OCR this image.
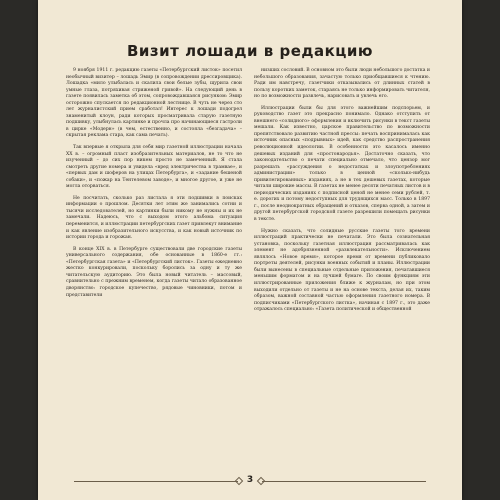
Визит лошади в редакцию

9 ноября 1911 г. редакцию газеты «Петербургский листок» посетил необычный визитер – лошадь Эмир (в сопровождении дрессировщика). Лошадка «мило улыбалась и скалила свои белые зубы, щурила свои умные глаза, потряхивая стриженой гривой». На следующий день в газете появилась заметка об этом, сопровождавшаяся рисунком: Эмир осторожно спускается по редакционной лестнице. В чуть не через сто лет журналистский прием сработал! Интерес к лошади подогрел знаменитый клоун, ради которых просматривала старую газетную подшивку, улыбнулась картинке и прочла про начинающиеся гастроли в цирке «Модерн» (в чем, естественно, и состояла «безгадача» – скрытая реклама стара, как сама печать).

Так впервые я открыла для себя мир газетной иллюстрации начала XX в. – огромный пласт изобразительных материалов, не то что не изученный – до сих пор никем просто не замеченный. Я стала смотреть другие номера и увидела «вред электричества в трамвае», и «первых дам и шоферов на улицах Петербурга», и «задание бешеной собаки», и «пожар на Тентелевом заводе», и многое другое, и уже не могла оторваться.

Не посчитать, сколько раз листала я эти подшивки в поисках информации о прошлом. Десятки лет этим же занимались сотни и тысячи исследователей, но картинки были никому не нужны и их не замечали. Надеюсь, что с выходом этого альбома ситуация переменится, и иллюстрации петербургских газет привлекут внимание и как явление изобразительного искусства, и как новый источник по истории города и горожан.

В конце XIX в. в Петербурге существовали две городские газеты универсального содержания, обе основанные в 1860-е гг.: «Петербургская газета» и «Петербургский листок». Газеты ежедневно жестко конкурировали, поскольку боролись за одну и ту же читательскую аудиторию. Это была новый читатель – массовый, сравнительно с прежним временем, когда газеты читало образованное дворянство: городское купечество, рядовые чиновники, потом и представители

низших сословий. В основном это были люди небольшого достатка и небольшого образования, зачастую только приобщавшиеся к чтению. Ради им навстречу, газетчики отказывались от длинных статей в пользу коротких заметок, стараясь не только информировать читателя, но по возможности развлечь, нарисовать и увлечь его.

Иллюстрации были бы для этого важнейшим подспорьем, и руководство газет это прекрасно понимало. Однако отступить от внешнего «солидного» оформления и включить рисунки в текст газеты мешали. Как известно, царское правительство по возможности препятствовало развитию частной прессы: печать воспринималась как источник опасных «подрывных» идей, как средство распространения революционной идеологии. В особенности это касалось именно дешевых изданий для «простонародья». Достаточно сказать, что законодательство о печати специально отмечало, что цензор мог разрешать «рассуждения о недостатках и злоупотреблениях администрации» только в ценной «сколько-нибудь привилегированных» изданиях, а не в тех дешевых газетах, которые читали широкие массы. В газетах не менее десяти печатных листов и в периодических изданиях с подписной ценой не менее семи рублей, т. е. дорогих и потому недоступных для трудящихся масс. Только в 1897 г., после неоднократных обращений и отказов, сперва одной, а затем и другой петербургской городской газете разрешили помещать рисунки в тексте.

Нужно сказать, что солидные русские газеты того времени иллюстраций практически не печатали. Это была сознательная установка, поскольку газетная иллюстрация рассматривалась как элемент не адобрязненной «развлекательности». Исключением являлось «Новое время», которое время от времени публиковало портреты деятелей, рисунки военных событий и планы. Иллюстрации были вынесены в специальные отдельные приложения, печатавшиеся меньшим форматом и на лучшей бумаге. По своим функциям эти иллюстрированные приложения ближе к журналам, но при этом выходили отдельно от газеты и не на основе текста, делая их, таким образом, важной составной частью оформления газетного номера. В подписчиками «Петербургского листка», начиная с 1897 г., это даже отражалось специально: «Газета политической и общественной

3
